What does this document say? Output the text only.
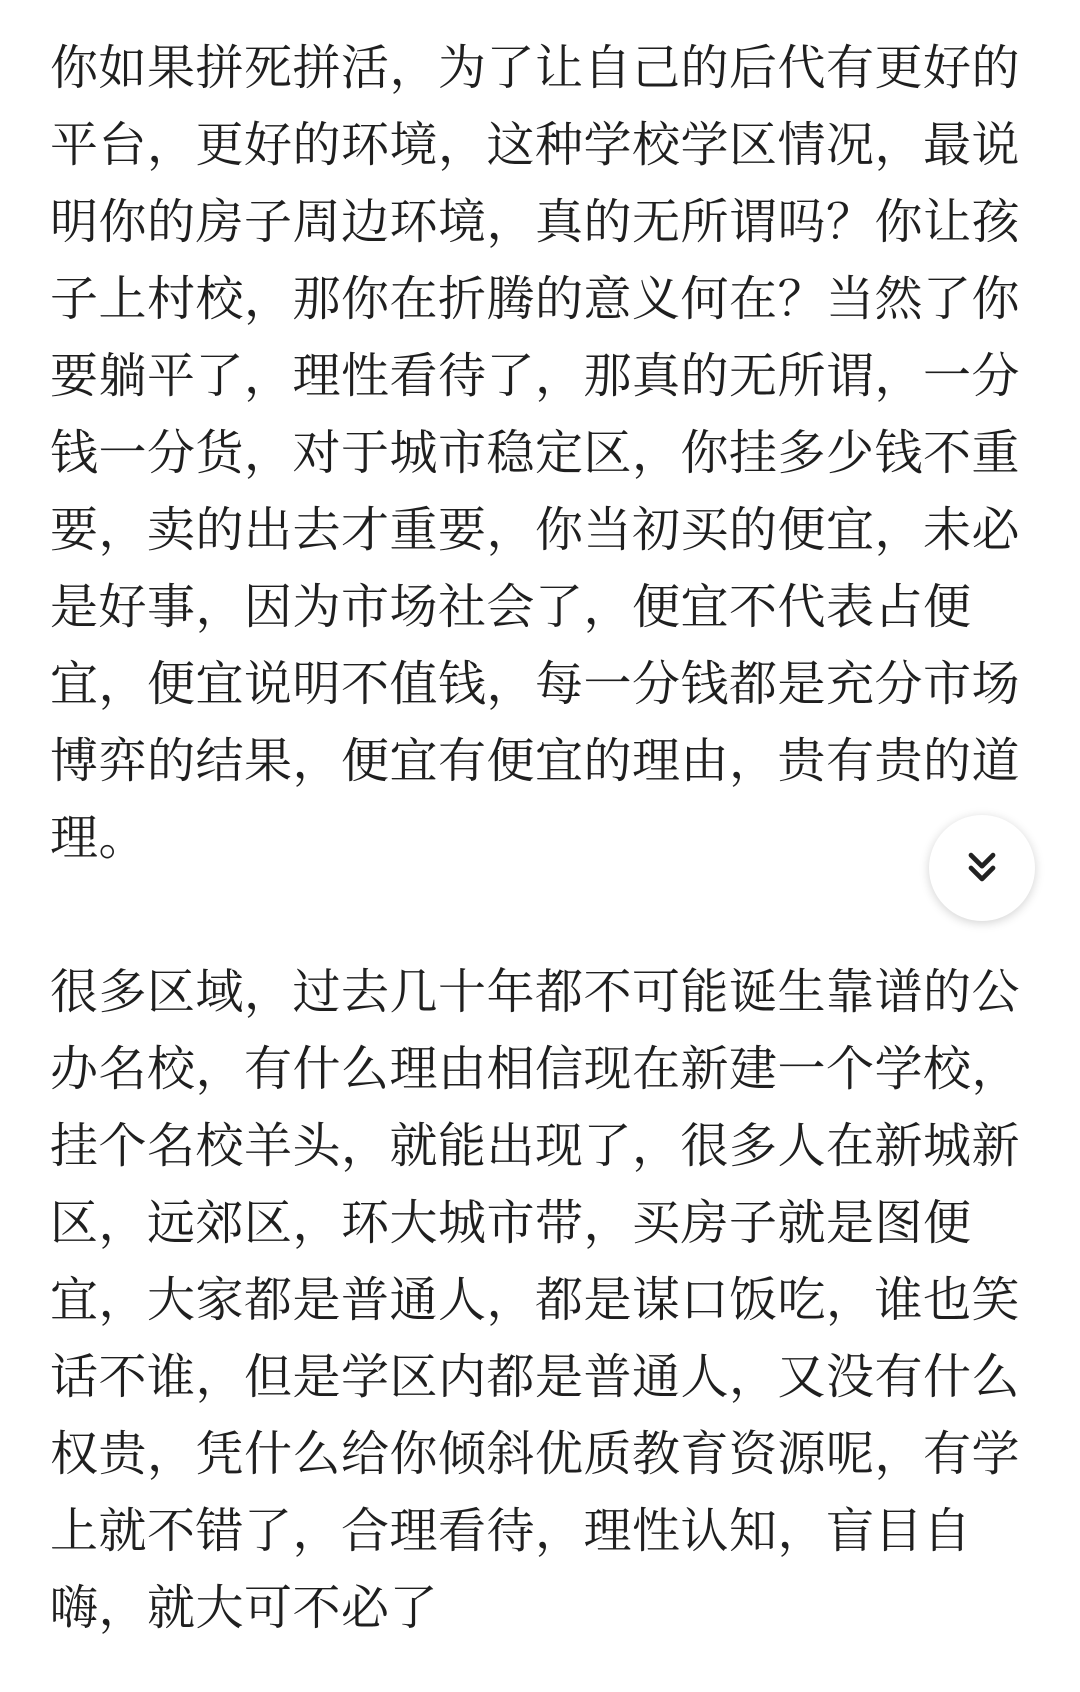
你如果拼死拼活，为了让自己的后代有更好的
平台，更好的环境，这种学校学区情况，最说
明你的房子周边环境，真的无所谓吗？你让孩
子上村校，那你在折腾的意义何在？当然了你
要躺平了，理性看待了，那真的无所谓，一分
钱一分货，对于城市稳定区，你挂多少钱不重
要，卖的出去才重要，你当初买的便宜，未必
是好事，因为市场社会了，便宜不代表占便
宜，便宜说明不值钱，每一分钱都是充分市场
博弈的结果，便宜有便宜的理由，贵有贵的道
理。

很多区域，过去几十年都不可能诞生靠谱的公
办名校，有什么理由相信现在新建一个学校，
挂个名校羊头，就能出现了，很多人在新城新
区，远郊区，环大城市带，买房子就是图便
宜，大家都是普通人，都是谋口饭吃，谁也笑
话不谁，但是学区内都是普通人，又没有什么
权贵，凭什么给你倾斜优质教育资源呢，有学
上就不错了，合理看待，理性认知，盲目自
嗨，就大可不必了
